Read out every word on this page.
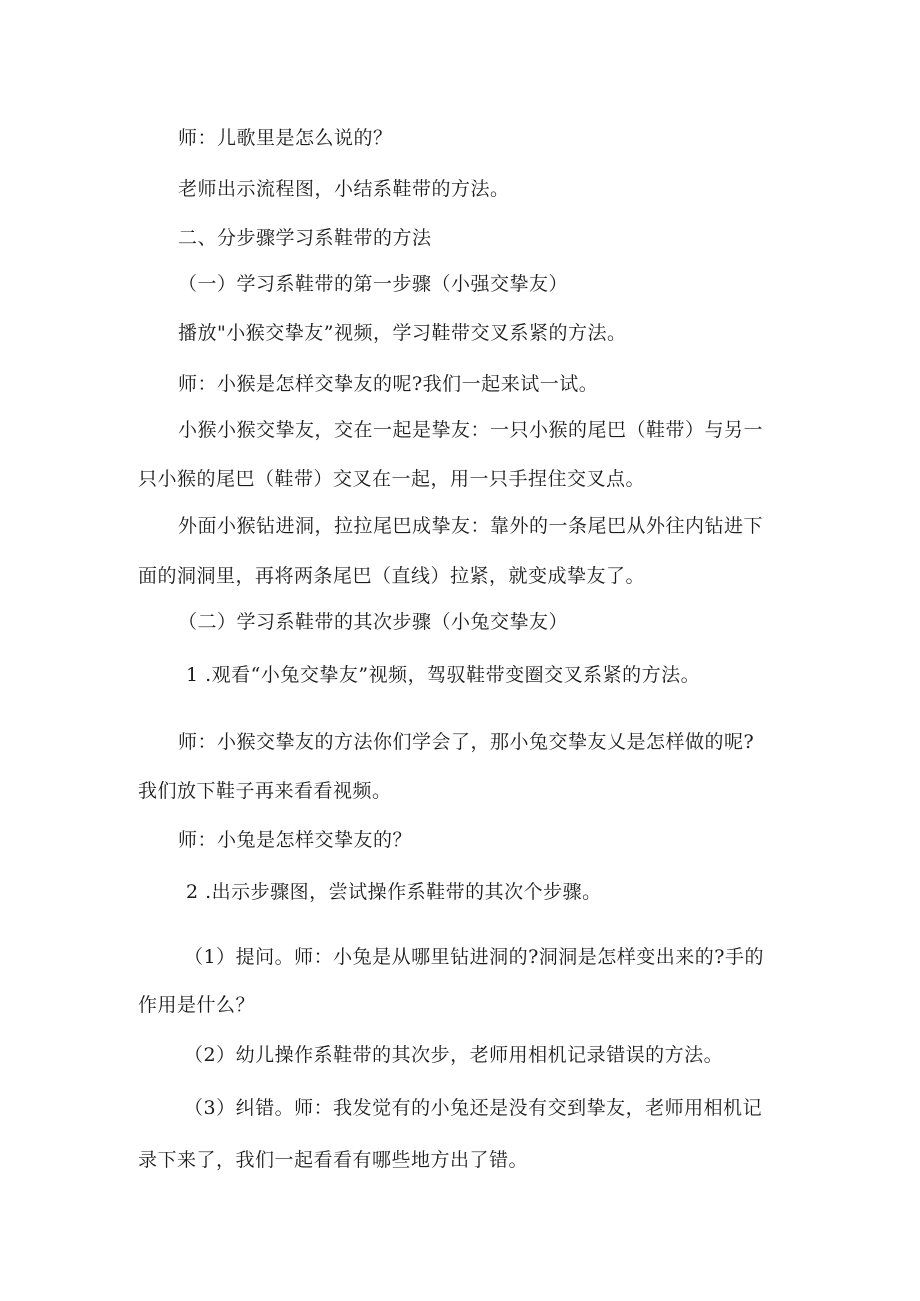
师：儿歌里是怎么说的？
老师出示流程图，小结系鞋带的方法。
二、分步骤学习系鞋带的方法
（一）学习系鞋带的第一步骤（小强交挚友）
播放"小猴交挚友”视频，学习鞋带交叉系紧的方法。
师：小猴是怎样交挚友的呢?我们一起来试一试。
小猴小猴交挚友，交在一起是挚友：一只小猴的尾巴（鞋带）与另一
只小猴的尾巴（鞋带）交叉在一起，用一只手捏住交叉点。
外面小猴钻进洞，拉拉尾巴成挚友：靠外的一条尾巴从外往内钻进下
面的洞洞里，再将两条尾巴（直线）拉紧，就变成挚友了。
（二）学习系鞋带的其次步骤（小兔交挚友）
1 .观看“小兔交挚友”视频，驾驭鞋带变圈交叉系紧的方法。
师：小猴交挚友的方法你们学会了，那小兔交挚友乂是怎样做的呢?
我们放下鞋子再来看看视频。
师：小兔是怎样交挚友的？
2 .出示步骤图，尝试操作系鞋带的其次个步骤。
（1）提问。师：小兔是从哪里钻进洞的?洞洞是怎样变出来的?手的
作用是什么？
（2）幼儿操作系鞋带的其次步，老师用相机记录错误的方法。
（3）纠错。师：我发觉有的小兔还是没有交到挚友，老师用相机记
录下来了，我们一起看看有哪些地方出了错。
